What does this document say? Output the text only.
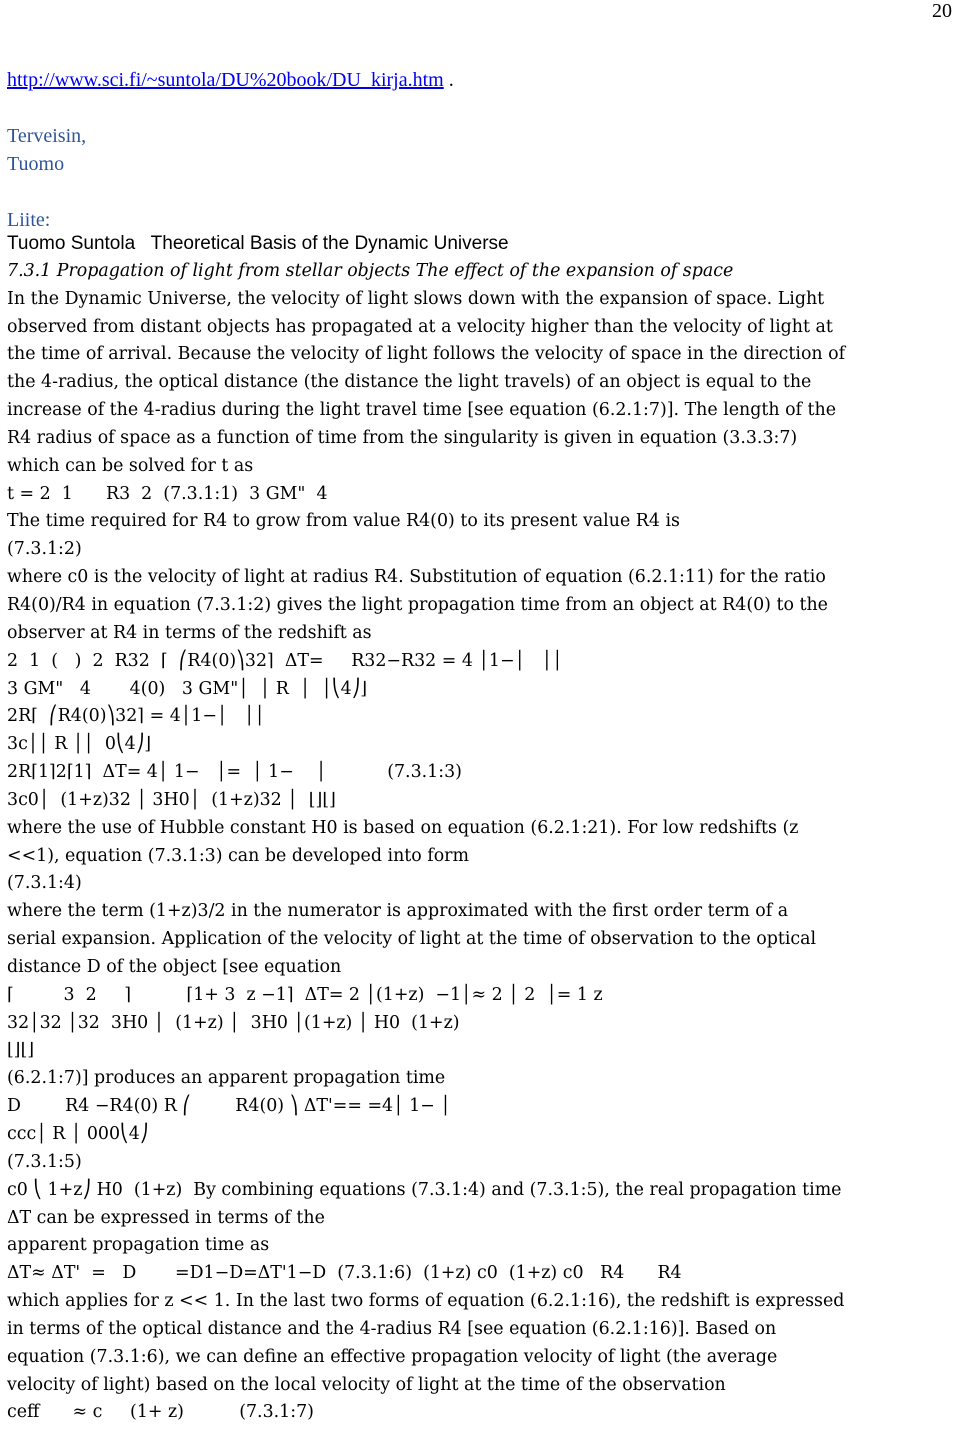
20
http://www.sci.fi/~suntola/DU%20book/DU_kirja.htm .
Terveisin,
Tuomo
Liite:
Tuomo Suntola   Theoretical Basis of the Dynamic Universe
7.3.1 Propagation of light from stellar objects The effect of the expansion of space
In the Dynamic Universe, the velocity of light slows down with the expansion of space. Light
observed from distant objects has propagated at a velocity higher than the velocity of light at
the time of arrival. Because the velocity of light follows the velocity of space in the direction of
the 4-radius, the optical distance (the distance the light travels) of an object is equal to the
increase of the 4-radius during the light travel time [see equation (6.2.1:7)]. The length of the
R4 radius of space as a function of time from the singularity is given in equation (3.3.3:7)
which can be solved for t as
t = 2  1      R3  2  (7.3.1:1)  3 GM"  4
The time required for R4 to grow from value R4(0) to its present value R4 is
(7.3.1:2)
where c0 is the velocity of light at radius R4. Substitution of equation (6.2.1:11) for the ratio
R4(0)/R4 in equation (7.3.1:2) gives the light propagation time from an object at R4(0) to the
observer at R4 in terms of the redshift as
2  1  (   )  2  R32  ⌈  ⎛R4(0)⎞32⌉  ΔT=     R32−R32 = 4 │1−│   ││
3 GM"   4       4(0)   3 GM"│  │ R  │  │⎝4⎠⌋
2R⌈  ⎛R4(0)⎞32⌉ = 4│1−│   ││
3c││ R ││  0⎝4⎠⌋
2R⌈1⌉2⌈1⌉  ΔT= 4│ 1−   │=  │ 1−    │           (7.3.1:3)
3c0│  (1+z)32 │ 3H0│  (1+z)32 │  ⌊⌋⌊⌋
where the use of Hubble constant H0 is based on equation (6.2.1:21). For low redshifts (z
<<1), equation (7.3.1:3) can be developed into form
(7.3.1:4)
where the term (1+z)3/2 in the numerator is approximated with the first order term of a
serial expansion. Application of the velocity of light at the time of observation to the optical
distance D of the object [see equation
⌈         3  2     ⌉          ⌈1+ 3  z −1⌉  ΔT= 2 │(1+z)  −1│≈ 2 │ 2  │= 1 z
32│32 │32  3H0 │  (1+z) │  3H0 │(1+z) │ H0  (1+z)
⌊⌋⌊⌋
(6.2.1:7)] produces an apparent propagation time
D        R4 −R4(0) R ⎛        R4(0) ⎞ ΔT'== =4│ 1− │
ccc│ R │ 000⎝4⎠
(7.3.1:5)
c0 ⎝ 1+z⎠ H0  (1+z)  By combining equations (7.3.1:4) and (7.3.1:5), the real propagation time
ΔT can be expressed in terms of the
apparent propagation time as
ΔT≈ ΔT'  =   D       =D1−D=ΔT'1−D  (7.3.1:6)  (1+z) c0  (1+z) c0   R4      R4
which applies for z << 1. In the last two forms of equation (6.2.1:16), the redshift is expressed
in terms of the optical distance and the 4-radius R4 [see equation (6.2.1:16)]. Based on
equation (7.3.1:6), we can define an effective propagation velocity of light (the average
velocity of light) based on the local velocity of light at the time of the observation
ceff      ≈ c     (1+ z)          (7.3.1:7)
